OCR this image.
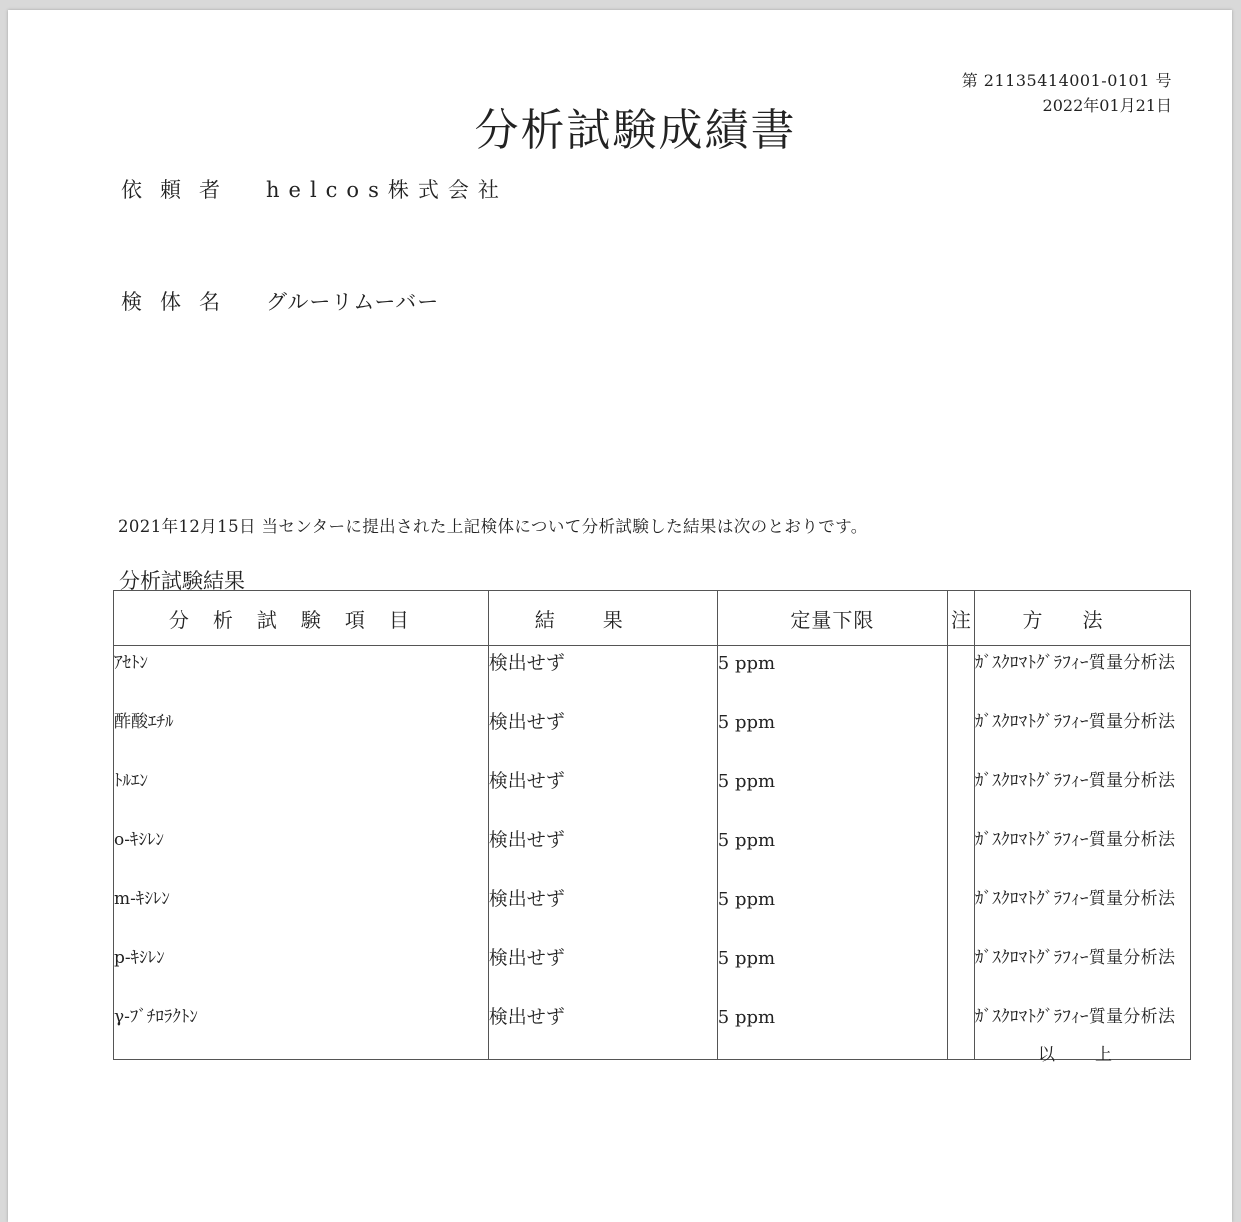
第 21135414001-0101 号
2022年01月21日
分析試験成績書
依頼者	helcos株式会社
検体名	グルーリムーバー
2021年12月15日 当センターに提出された上記検体について分析試験した結果は次のとおりです。
分析試験結果
分析試験項目	結果	定量下限	注	方法
ｱｾﾄﾝ	検出せず	5 ppm		ｶﾞｽｸﾛﾏﾄｸﾞﾗﾌｨｰ質量分析法
酢酸ｴﾁﾙ	検出せず	5 ppm		ｶﾞｽｸﾛﾏﾄｸﾞﾗﾌｨｰ質量分析法
ﾄﾙｴﾝ	検出せず	5 ppm		ｶﾞｽｸﾛﾏﾄｸﾞﾗﾌｨｰ質量分析法
o-ｷｼﾚﾝ	検出せず	5 ppm		ｶﾞｽｸﾛﾏﾄｸﾞﾗﾌｨｰ質量分析法
m-ｷｼﾚﾝ	検出せず	5 ppm		ｶﾞｽｸﾛﾏﾄｸﾞﾗﾌｨｰ質量分析法
p-ｷｼﾚﾝ	検出せず	5 ppm		ｶﾞｽｸﾛﾏﾄｸﾞﾗﾌｨｰ質量分析法
γ-ﾌﾞﾁﾛﾗｸﾄﾝ	検出せず	5 ppm		ｶﾞｽｸﾛﾏﾄｸﾞﾗﾌｨｰ質量分析法
以上
